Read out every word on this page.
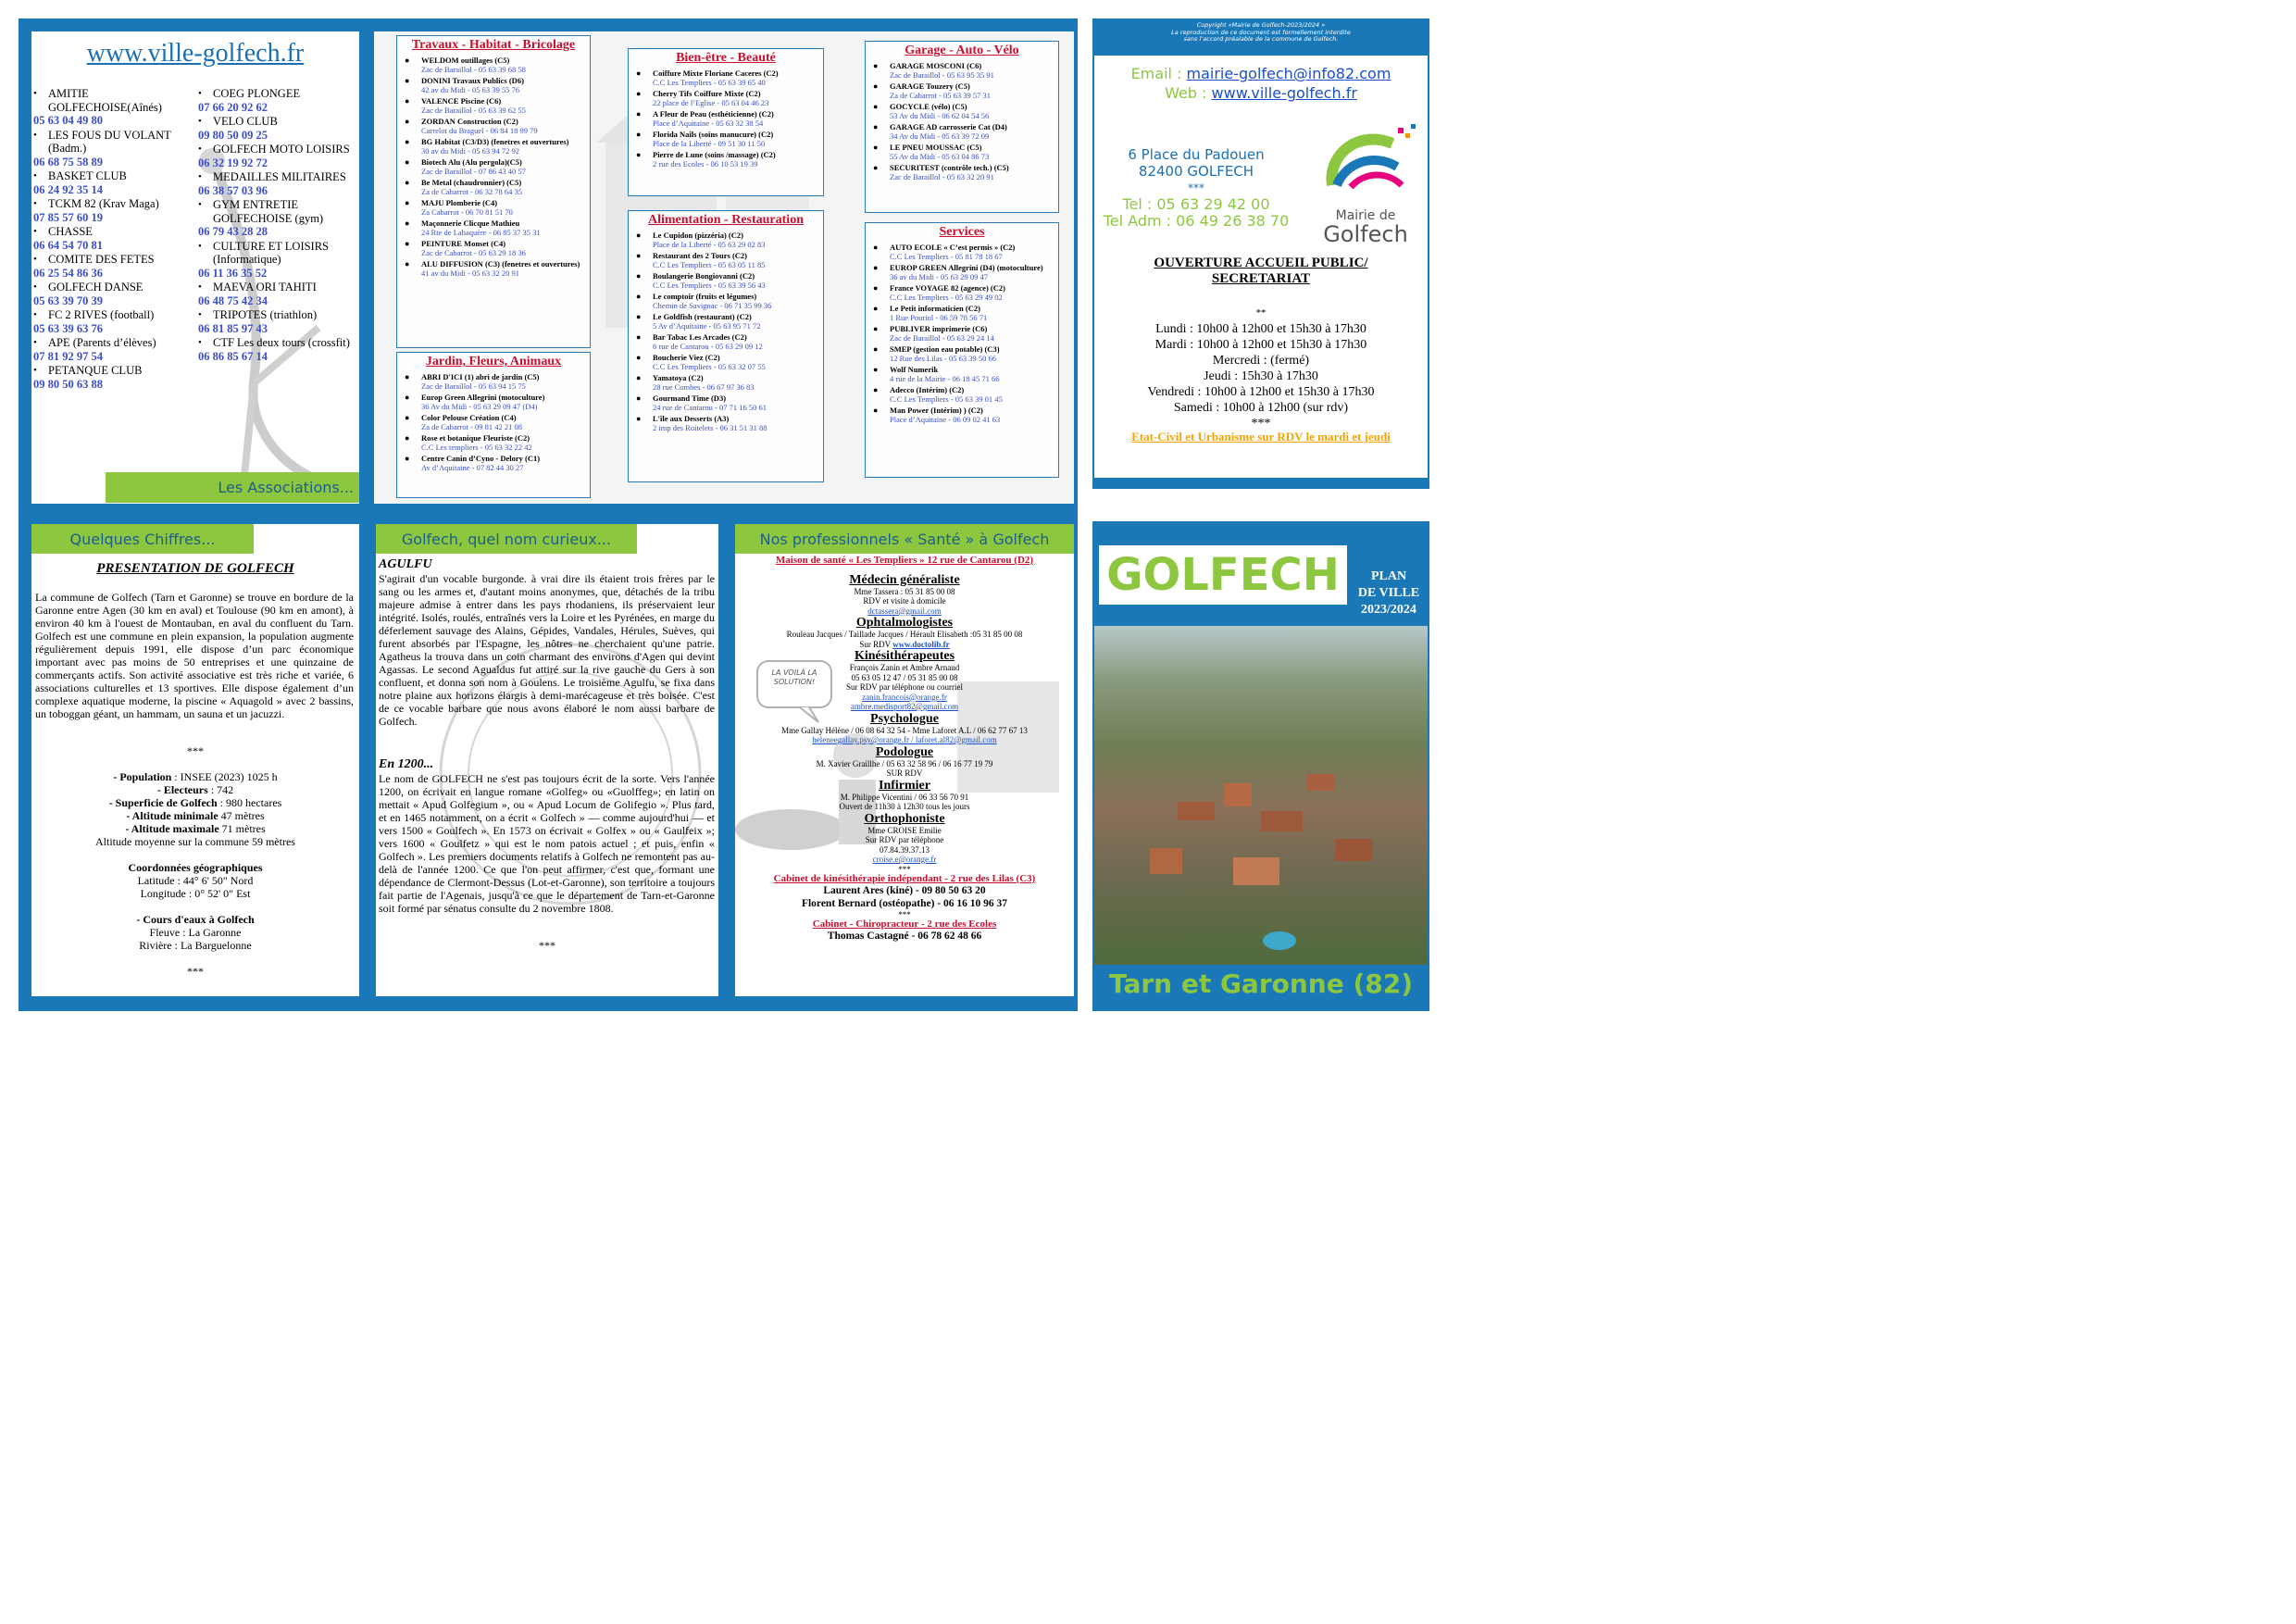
www.ville-golfech.fr
• AMITIE GOLFECHOISE(Aînés)
05 63 04 49 80
• LES FOUS DU VOLANT (Badm.)
06 68 75 58 89
• BASKET CLUB
06 24 92 35 14
• TCKM 82 (Krav Maga)
07 85 57 60 19
• CHASSE
06 64 54 70 81
• COMITE DES FETES
06 25 54 86 36
• GOLFECH DANSE
05 63 39 70 39
• FC 2 RIVES (football)
05 63 39 63 76
• APE (Parents d’élèves)
07 81 92 97 54
• PETANQUE CLUB
09 80 50 63 88
• COEG PLONGEE
07 66 20 92 62
• VELO CLUB
09 80 50 09 25
• GOLFECH MOTO LOISIRS
06 32 19 92 72
• MEDAILLES MILITAIRES
06 38 57 03 96
• GYM ENTRETIE GOLFECHOISE (gym)
06 79 43 28 28
• CULTURE ET LOISIRS (Informatique)
06 11 36 35 52
• MAEVA ORI TAHITI
06 48 75 42 34
• TRIPOTES (triathlon)
06 81 85 97 43
• CTF Les deux tours (crossfit)
06 86 85 67 14
Les Associations...
Travaux - Habitat - Bricolage
●	WELDOM outillages (C5)
Zac de Baraillol - 05 63 39 68 58
●	DONINI Travaux Publics (D6)
42 av du Midi - 05 63 39 55 76
●	VALENCE Piscine (C6)
Zac de Baraillol - 05 63 39 62 55
●	ZORDAN Construction (C2)
Carrelot du Braguel - 06 84 18 99 79
●	BG Habitat (C3/D3) (fenetres et ouvertures)
30 av du Midi - 05 63 94 72 92
●	Biotech Alu (Alu pergola)(C5)
Zac de Baraillol - 07 86 43 40 57
●	Be Metal (chaudronnier) (C5)
Za de Cabarrot - 06 32 78 64 35
●	MAJU Plomberie (C4)
Za Cabarrot - 06 70 81 51 70
●	Maçonnerie Clicque Mathieu
24 Rte de Labaquère - 06 85 37 35 31
●	PEINTURE Monset (C4)
Zac de Cabarrot - 05 63 29 18 36
●	ALU DIFFUSION (C3) (fenetres et ouvertures)
41 av du Midi - 05 63 32 20 91
Jardin, Fleurs, Animaux
●	ABRI D'ICI (1) abri de jardin (C5)
Zac de Baraillol - 05 63 94 15 75
●	Europ Green Allegrini (motoculture)
36 Av du Midi - 05 63 29 09 47 (D4)
●	Color Pelouse Création (C4)
Za de Cabarrot - 09 81 42 21 08
●	Rose et botanique Fleuriste (C2)
C.C Les templiers - 05 63 32 22 42
●	Centre Canin d’Cyno - Delory (C1)
Av d’Aquitaine - 07 82 44 30 27
Bien-être - Beauté
●	Coiffure Mixte Floriane Caceres (C2)
C.C Les Templiers - 05 63 39 65 40
●	Cherry Tifs Coiffure Mixte (C2)
22 place de l’Eglise - 05 63 04 46 23
●	A Fleur de Peau (esthéticienne) (C2)
Place d’Aquitaine - 05 63 32 38 54
●	Florida Nails (soins manucure) (C2)
Place de la Liberté - 09 51 30 11 50
●	Pierre de Lune (soins /massage) (C2)
2 rue des Ecoles - 06 10 53 19 39
Alimentation - Restauration
●	Le Cupidon (pizzéria) (C2)
Place de la Liberté - 05 63 29 02 83
●	Restaurant des 2 Tours (C2)
C.C Les Templiers - 05 63 05 11 85
●	Boulangerie Bongiovanni (C2)
C.C Les Templiers - 05 63 39 56 43
●	Le comptoir (fruits et légumes)
Chemin de Savignac - 06 71 35 99 36
●	Le Goldfish (restaurant) (C2)
5 Av d’Aquitaine - 05 63 95 71 72
●	Bar Tabac Les Arcades (C2)
6 rue de Cantarou - 05 63 29 09 12
●	Boucherie Viez (C2)
C.C Les Templiers - 05 63 32 07 55
●	Yamatoya (C2)
28 rue Combes - 06 67 97 36 83
●	Gourmand Time (D3)
24 rue de Cantarou - 07 71 16 50 61
●	L'île aux Desserts (A3)
2 imp des Roitelets - 06 31 51 31 88
Garage - Auto - Vélo
●	GARAGE MOSCONI (C6)
Zac de Baraillol - 05 63 95 35 91
●	GARAGE Touzery (C5)
Za de Cabarrot - 05 63 39 57 31
●	GOCYCLE (vélo) (C5)
53 Av du Midi - 06 62 04 54 56
●	GARAGE AD carrosserie Cat (D4)
34 Av du Midi - 05 63 39 72 09
●	LE PNEU MOUSSAC (C5)
55 Av du Midi - 05 63 04 86 73
●	SECURITEST (contrôle tech.) (C5)
Zac de Baraillol - 05 63 32 20 91
Services
●	AUTO ECOLE « C’est permis » (C2)
C.C Les Templiers - 05 81 78 18 67
●	EUROP GREEN Allegrini (D4) (motoculture)
36 av du Midi - 05 63 29 09 47
●	France VOYAGE 82 (agence) (C2)
C.C Les Templiers - 05 63 29 49 02
●	Le Petit informaticien (C2)
1 Rue Pouriol - 06 59 78 56 71
●	PUBLIVER imprimerie (C6)
Zac de Baraillol - 05 63 29 24 14
●	SMEP (gestion eau potable) (C3)
12 Rue des Lilas - 05 63 39 50 66
●	Wolf Numerik
4 rue de la Mairie - 06 18 45 71 66
●	Adecco (Intérim) (C2)
C.C Les Templiers - 05 63 39 01 45
●	Man Power (Intérim) ) (C2)
Place d’Aquitaine - 06 09 02 41 63
Email : mairie-golfech@info82.com
Web : www.ville-golfech.fr
6 Place du Padouen
82400 GOLFECH
***
Tel : 05 63 29 42 00
Tel Adm : 06 49 26 38 70	Mairie de
Golfech
OUVERTURE ACCUEIL PUBLIC/ SECRETARIAT
**
Lundi : 10h00 à 12h00 et 15h30 à 17h30
Mardi : 10h00 à 12h00 et 15h30 à 17h30
Mercredi : (fermé)
Jeudi : 15h30 à 17h30
Vendredi : 10h00 à 12h00 et 15h30 à 17h30
Samedi : 10h00 à 12h00 (sur rdv)
***
Etat-Civil et Urbanisme sur RDV le mardi et jeudi
Copyright «Mairie de Golfech-2023/2024 »
La reproduction de ce document est formellement interdite
sans l’accord préalable de la commune de Golfech.
Quelques Chiffres...
PRESENTATION DE GOLFECH
La commune de Golfech (Tarn et Garonne) se trouve en bordure de la Garonne entre Agen (30 km en aval) et Toulouse (90 km en amont), à environ 40 km à l'ouest de Montauban, en aval du confluent du Tarn. Golfech est une commune en plein expansion, la population augmente régulièrement depuis 1991, elle dispose d’un parc économique important avec pas moins de 50 entreprises et une quinzaine de commerçants actifs. Son activité associative est très riche et variée, 6 associations culturelles et 13 sportives. Elle dispose également d’un complexe aquatique moderne, la piscine « Aquagold » avec 2 bassins, un toboggan géant, un hammam, un sauna et un jacuzzi.
***

- Population : INSEE (2023) 1025 h
- Electeurs : 742
- Superficie de Golfech : 980 hectares
- Altitude minimale 47 mètres
- Altitude maximale 71 mètres
Altitude moyenne sur la commune 59 mètres

Coordonnées géographiques
Latitude : 44° 6' 50" Nord
Longitude : 0° 52' 0" Est

- Cours d'eaux à Golfech
Fleuve : La Garonne
Rivière : La Barguelonne

***
Golfech, quel nom curieux...
AGULFU
S'agirait d'un vocable burgonde. à vrai dire ils étaient trois frères par le sang ou les armes et, d'autant moins anonymes, que, détachés de la tribu majeure admise à entrer dans les pays rhodaniens, ils préservaient leur intégrité. Isolés, roulés, entraînés vers la Loire et les Pyrénées, en marge du déferlement sauvage des Alains, Gépides, Vandales, Hérules, Suèves, qui furent absorbés par l'Espagne, les nôtres ne cherchaient qu'une patrie. Agatheus la trouva dans un coin charmant des environs d'Agen qui devint Agassas. Le second Agualdus fut attiré sur la rive gauche du Gers à son confluent, et donna son nom à Goulens. Le troisième Agulfu, se fixa dans notre plaine aux horizons élargis à demi-marécageuse et très boisée. C'est de ce vocable barbare que nous avons élaboré le nom aussi barbare de Golfech.
En 1200...
Le nom de GOLFECH ne s'est pas toujours écrit de la sorte. Vers l'année 1200, on écrivait en langue romane «Golfeg» ou «Guolffeg»; en latin on mettait « Apud Golfegium », ou « Apud Locum de Golifegio ». Plus tard, et en 1465 notamment, on a écrit « Golfech » — comme aujourd'hui — et vers 1500 « Goulfech ». En 1573 on écrivait « Golfex » ou « Gaulfeix »; vers 1600 « Goulfetz » qui est le nom patois actuel ; et puis, enfin « Golfech ». Les premiers documents relatifs à Golfech ne remontent pas au-delà de l'année 1200. Ce que l'on peut affirmer, c'est que, formant une dépendance de Clermont-Dessus (Lot-et-Garonne), son territoire a toujours fait partie de l'Agenais, jusqu'à ce que le département de Tarn-et-Garonne soit formé par sénatus consulte du 2 novembre 1808.
***
LA VOILÀ LA SOLUTION!
Nos professionnels « Santé » à Golfech
Maison de santé « Les Templiers » 12 rue de Cantarou (D2)
Médecin généraliste
Mme Tassera : 05 31 85 00 08
RDV et visite à domicile
dctassera@gmail.com
Ophtalmologistes
Rouleau Jacques / Taillade Jacques / Hérault Elisabeth :05 31 85 00 08
Sur RDV www.doctolib.fr
Kinésithérapeutes
François Zanin et Ambre Arnaud
05 63 05 12 47 / 05 31 85 00 08
Sur RDV par téléphone ou courriel
zanin.francois@orange.fr
ambre.medisport82@gmail.com
Psychologue
Mme Gallay Hélène / 06 08 64 32 54 - Mme Laforet A.L / 06 62 77 67 13
heleneegallay.psy@orange.fr / laforet.al82@gmail.com
Podologue
M. Xavier Graillhe / 05 63 32 58 96 / 06 16 77 19 79
SUR RDV
Infirmier
M. Philippe Vicentini / 06 33 56 70 91
Ouvert de 11h30 à 12h30 tous les jours
Orthophoniste
Mme CROISE Emilie
Sur RDV par téléphone
07.84.39.37.13
croise.e@orange.fr
***
Cabinet de kinésithérapie indépendant - 2 rue des Lilas (C3)
Laurent Ares (kiné) - 09 80 50 63 20
Florent Bernard (ostéopathe) - 06 16 10 96 37
***
Cabinet - Chiropracteur - 2 rue des Ecoles
Thomas Castagné - 06 78 62 48 66
GOLFECH	PLAN
DE VILLE
2023/2024
Tarn et Garonne (82)
